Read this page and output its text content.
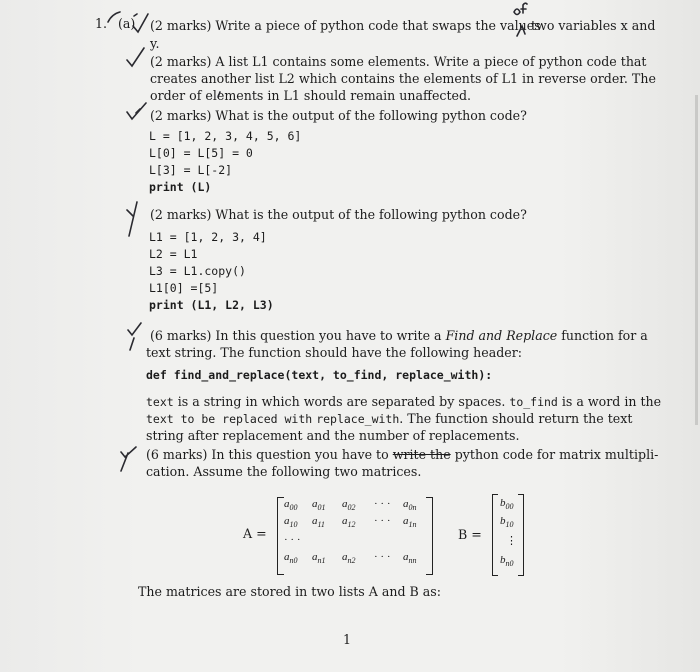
1. (a) (2 marks) Write a piece of python code that swaps the values
two variables x and
y.
(2 marks) A list L1 contains some elements. Write a piece of python code that
creates another list L2 which contains the elements of L1 in reverse order. The
order of elements in L1 should remain unaffected.
(2 marks) What is the output of the following python code?
L = [1, 2, 3, 4, 5, 6]
L[0] = L[5] = 0
L[3] = L[-2]
print (L)
(2 marks) What is the output of the following python code?
L1 = [1, 2, 3, 4]
L2 = L1
L3 = L1.copy()
L1[0] =[5]
print (L1, L2, L3)
(6 marks) In this question you have to write a Find and Replace function for a
text string. The function should have the following header:
def find_and_replace(text, to_find, replace_with):
text is a string in which words are separated by spaces. to_find is a word in the
text to be replaced with replace_with. The function should return the text
string after replacement and the number of replacements.
(6 marks) In this question you have to write the python code for matrix multipli-
cation. Assume the following two matrices.
A =
$a_{00}$ $a_{01}$ $a_{02}$ · · · $a_{0n}$
$a_{10}$ $a_{11}$ $a_{12}$ · · · $a_{1n}$
· · ·
$a_{n0}$ $a_{n1}$ $a_{n2}$ · · · $a_{nn}$
B =
$b_{00}$
$b_{10}$
⋮
$b_{n0}$
The matrices are stored in two lists A and B as:
1
